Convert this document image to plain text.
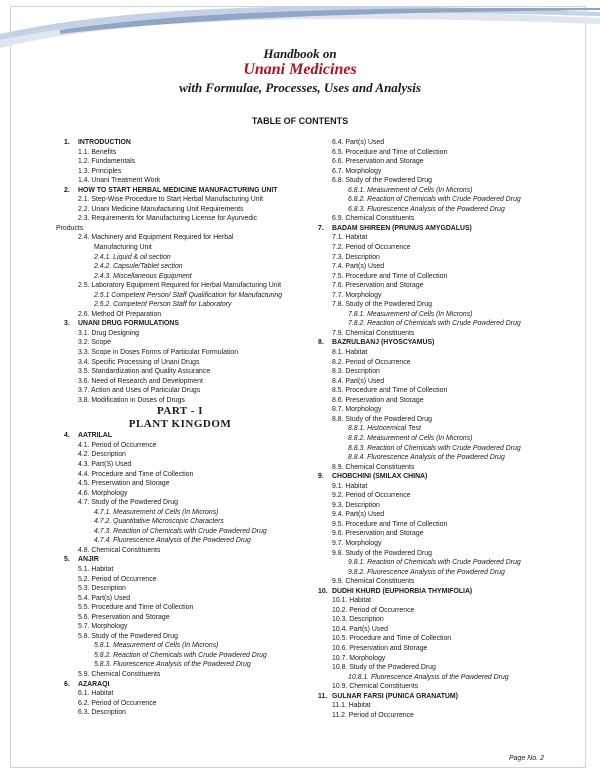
Handbook on
Unani Medicines
with Formulae, Processes, Uses and Analysis
TABLE OF CONTENTS
1. INTRODUCTION
1.1. Benefits
1.2. Fundamentals
1.3. Principles
1.4. Unani Treatment Work
2. HOW TO START HERBAL MEDICINE MANUFACTURING UNIT
2.1. Step-Wise Procedure to Start Herbal Manufacturing Unit
2.2. Unani Medicine Manufacturing Unit Requirements
2.3. Requirements for Manufacturing License for Ayurvedic
Products
2.4. Machinery and Equipment Required for Herbal
Manufacturing Unit
2.4.1. Liquid & oil section
2.4.2. Capsule/Tablet section
2.4.3. Miscellaneous Equipment
2.5. Laboratory Equipment Required for Herbal Manufacturing Unit
2.5.1 Competent Person/ Staff Qualification for Manufacturing
2.5.2. Competent Person Staff for Laboratory
2.6. Method Of Preparation
3. UNANI DRUG FORMULATIONS
3.1. Drug Designing
3.2. Scope
3.3. Scope in Doses Forms of Particular Formulation
3.4. Specific Processing of Unani Drugs
3.5. Standardization and Quality Assurance
3.6. Need of Research and Development
3.7. Action and Uses of Particular Drugs
3.8. Modification in Doses of Drugs
PART - I
PLANT KINGDOM
4. AATRILAL
4.1. Period of Occurrence
4.2. Description
4.3. Part(S) Used
4.4. Procedure and Time of Collection
4.5. Preservation and Storage
4.6. Morphology
4.7. Study of the Powdered Drug
4.7.1. Measurement of Cells (In Microns)
4.7.2. Quantitative Microscopic Characters
4.7.3. Reaction of Chemicals with Crude Powdered Drug
4.7.4. Fluorescence Analysis of the Powdered Drug
4.8. Chemical Constituents
5. ANJIR
5.1. Habitat
5.2. Period of Occurrence
5.3. Description
5.4. Part(s) Used
5.5. Procedure and Time of Collection
5.6. Preservation and Storage
5.7. Morphology
5.8. Study of the Powdered Drug
5.8.1. Measurement of Cells (In Microns)
5.8.2. Reaction of Chemicals with Crude Powdered Drug
5.8.3. Fluorescence Analysis of the Powdered Drug
5.9. Chemical Constituents
6. AZARAQI
6.1. Habitat
6.2. Period of Occurrence
6.3. Description
6.4. Part(s) Used
6.5. Procedure and Time of Collection
6.6. Preservation and Storage
6.7. Morphology
6.8. Study of the Powdered Drug
6.8.1. Measurement of Cells (In Microns)
6.8.2. Reaction of Chemicals with Crude Powdered Drug
6.8.3. Fluorescence Analysis of the Powdered Drug
6.9. Chemical Constituents
7. BADAM SHIREEN (PRUNUS AMYGDALUS)
7.1. Habitat
7.2. Period of Occurrence
7.3. Description
7.4. Part(s) Used
7.5. Procedure and Time of Collection
7.6. Preservation and Storage
7.7. Morphology
7.8. Study of the Powdered Drug
7.8.1. Measurement of Cells (In Microns)
7.8.2. Reaction of Chemicals with Crude Powdered Drug
7.9. Chemical Constituents
8. BAZRULBANJ (HYOSCYAMUS)
8.1. Habitat
8.2. Period of Occurrence
8.3. Description
8.4. Part(s) Used
8.5. Procedure and Time of Collection
8.6. Preservation and Storage
8.7. Morphology
8.8. Study of the Powdered Drug
8.8.1. Histocemical Test
8.8.2. Measurement of Cells (In Microns)
8.8.3. Reaction of Chemicals with Crude Powdered Drug
8.8.4. Fluorescence Analysis of the Powdered Drug
8.9. Chemical Constituents
9. CHOBCHINI (SMILAX CHINA)
9.1. Habitat
9.2. Period of Occurrence
9.3. Description
9.4. Part(s) Used
9.5. Procedure and Time of Collection
9.6. Preservation and Storage
9.7. Morphology
9.8. Study of the Powdered Drug
9.8.1. Reaction of Chemicals with Crude Powdered Drug
9.8.2. Fluorescence Analysis of the Powdered Drug
9.9. Chemical Constituents
10. DUDHI KHURD (EUPHORBIA THYMIFOLIA)
10.1. Habitat
10.2. Period of Occurrence
10.3. Description
10.4. Part(s) Used
10.5. Procedure and Time of Collection
10.6. Preservation and Storage
10.7. Morphology
10.8. Study of the Powdered Drug
10.8.1. Fluorescence Analysis of the Powdered Drug
10.9. Chemical Constituents
11. GULNAR FARSI (PUNICA GRANATUM)
11.1. Habitat
11.2. Period of Occurrence
Page No. 2
